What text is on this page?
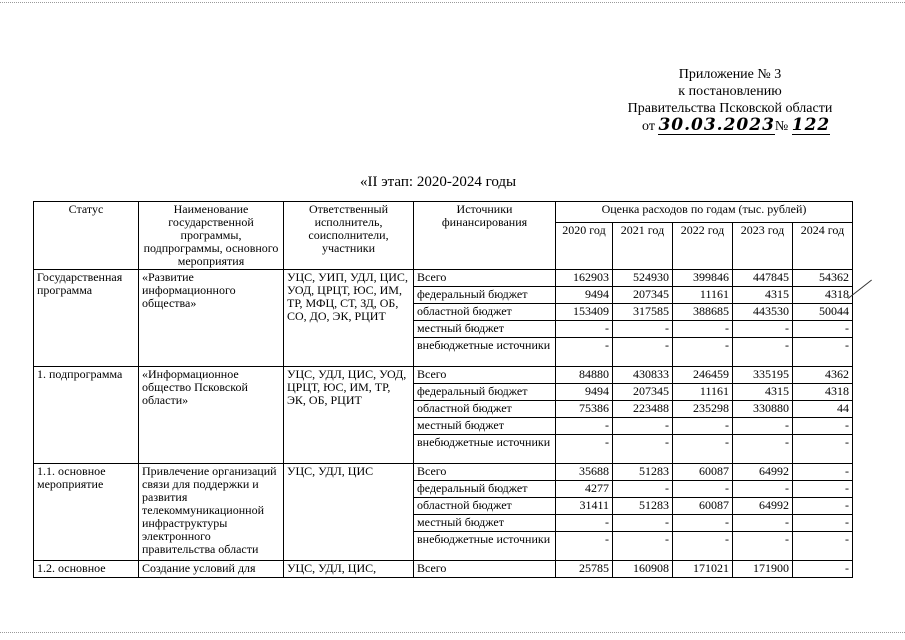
Приложение № 3
к постановлению
Правительства Псковской области
от 30.03.2023№ 122
«II этап: 2020-2024 годы
Статус	Наименование государственной программы, подпрограммы, основного мероприятия	Ответственный исполнитель, соисполнители, участники	Источники финансирования	Оценка расходов по годам (тыс. рублей)				
				2020 год	2021 год	2022 год	2023 год	2024 год
Государственная программа	«Развитие информационного общества»	УЦС, УИП, УДЛ, ЦИС, УОД, ЦРЦТ, ЮС, ИМ, ТР, МФЦ, СТ, ЗД, ОБ, СО, ДО, ЭК, РЦИТ	Всего	162903	524930	399846	447845	54362
			федеральный бюджет	9494	207345	11161	4315	4318
			областной бюджет	153409	317585	388685	443530	50044
			местный бюджет	-	-	-	-	-
			внебюджетные источники	-	-	-	-	-
1. подпрограмма	«Информационное общество Псковской области»	УЦС, УДЛ, ЦИС, УОД, ЦРЦТ, ЮС, ИМ, ТР, ЭК, ОБ, РЦИТ	Всего	84880	430833	246459	335195	4362
			федеральный бюджет	9494	207345	11161	4315	4318
			областной бюджет	75386	223488	235298	330880	44
			местный бюджет	-	-	-	-	-
			внебюджетные источники	-	-	-	-	-
1.1. основное мероприятие	Привлечение организаций связи для поддержки и развития телекоммуникационной инфраструктуры электронного правительства области	УЦС, УДЛ, ЦИС	Всего	35688	51283	60087	64992	-
			федеральный бюджет	4277	-	-	-	-
			областной бюджет	31411	51283	60087	64992	-
			местный бюджет	-	-	-	-	-
			внебюджетные источники	-	-	-	-	-
1.2. основное	Создание условий для	УЦС, УДЛ, ЦИС,	Всего	25785	160908	171021	171900	-
